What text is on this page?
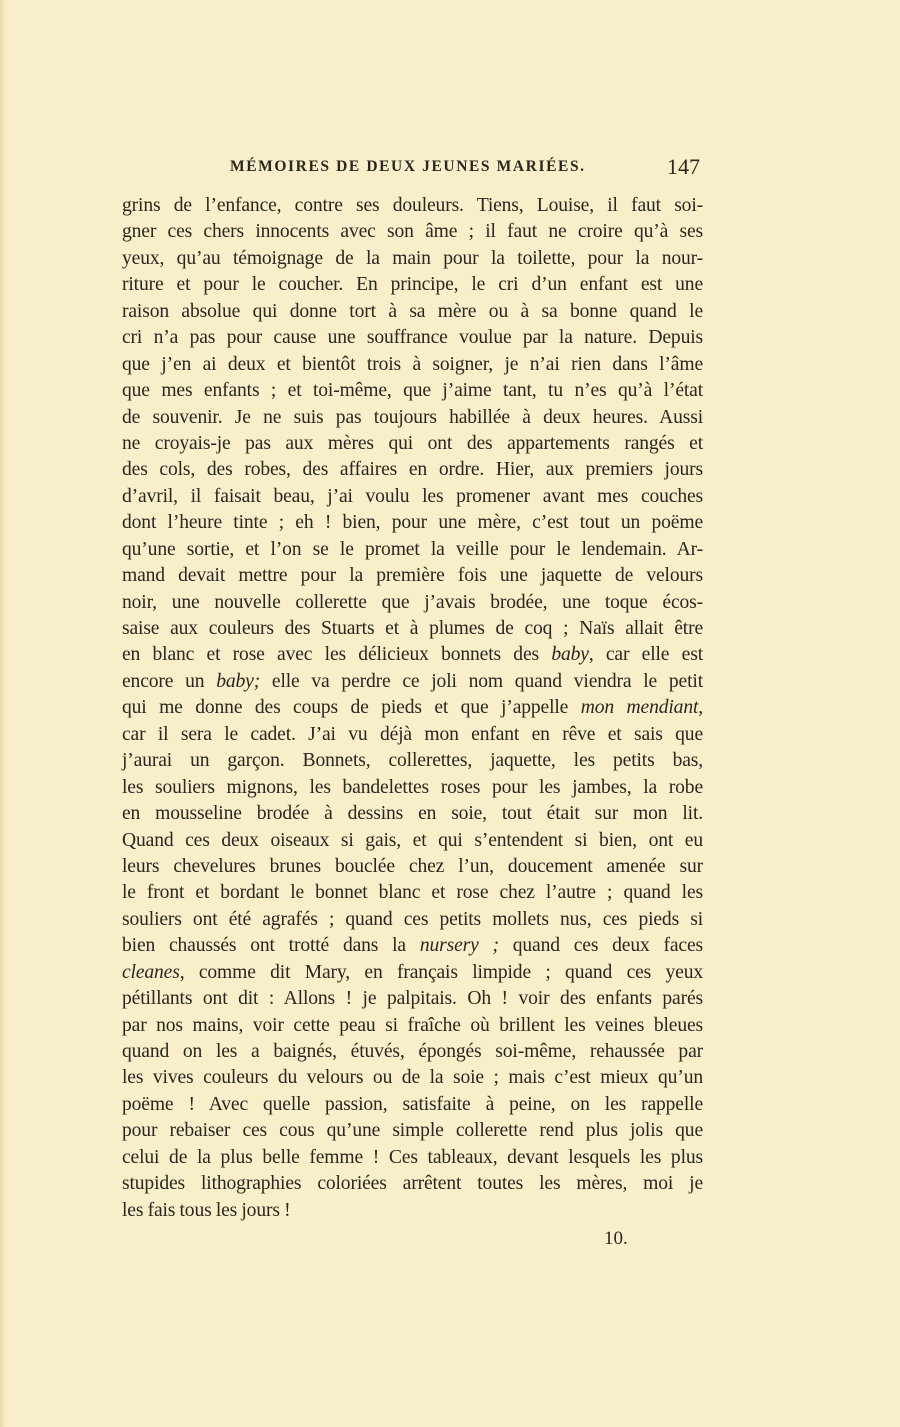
MÉMOIRES DE DEUX JEUNES MARIÉES.	147
grins de l’enfance, contre ses douleurs. Tiens, Louise, il faut soi-
gner ces chers innocents avec son âme ; il faut ne croire qu’à ses
yeux, qu’au témoignage de la main pour la toilette, pour la nour-
riture et pour le coucher. En principe, le cri d’un enfant est une
raison absolue qui donne tort à sa mère ou à sa bonne quand le
cri n’a pas pour cause une souffrance voulue par la nature. Depuis
que j’en ai deux et bientôt trois à soigner, je n’ai rien dans l’âme
que mes enfants ; et toi-même, que j’aime tant, tu n’es qu’à l’état
de souvenir. Je ne suis pas toujours habillée à deux heures. Aussi
ne croyais-je pas aux mères qui ont des appartements rangés et
des cols, des robes, des affaires en ordre. Hier, aux premiers jours
d’avril, il faisait beau, j’ai voulu les promener avant mes couches
dont l’heure tinte ; eh ! bien, pour une mère, c’est tout un poëme
qu’une sortie, et l’on se le promet la veille pour le lendemain. Ar-
mand devait mettre pour la première fois une jaquette de velours
noir, une nouvelle collerette que j’avais brodée, une toque écos-
saise aux couleurs des Stuarts et à plumes de coq ; Naïs allait être
en blanc et rose avec les délicieux bonnets des baby, car elle est
encore un baby; elle va perdre ce joli nom quand viendra le petit
qui me donne des coups de pieds et que j’appelle mon mendiant,
car il sera le cadet. J’ai vu déjà mon enfant en rêve et sais que
j’aurai un garçon. Bonnets, collerettes, jaquette, les petits bas,
les souliers mignons, les bandelettes roses pour les jambes, la robe
en mousseline brodée à dessins en soie, tout était sur mon lit.
Quand ces deux oiseaux si gais, et qui s’entendent si bien, ont eu
leurs chevelures brunes bouclée chez l’un, doucement amenée sur
le front et bordant le bonnet blanc et rose chez l’autre ; quand les
souliers ont été agrafés ; quand ces petits mollets nus, ces pieds si
bien chaussés ont trotté dans la nursery ; quand ces deux faces
cleanes, comme dit Mary, en français limpide ; quand ces yeux
pétillants ont dit : Allons ! je palpitais. Oh ! voir des enfants parés
par nos mains, voir cette peau si fraîche où brillent les veines bleues
quand on les a baignés, étuvés, épongés soi-même, rehaussée par
les vives couleurs du velours ou de la soie ; mais c’est mieux qu’un
poëme ! Avec quelle passion, satisfaite à peine, on les rappelle
pour rebaiser ces cous qu’une simple collerette rend plus jolis que
celui de la plus belle femme ! Ces tableaux, devant lesquels les plus
stupides lithographies coloriées arrêtent toutes les mères, moi je
les fais tous les jours !
10.
